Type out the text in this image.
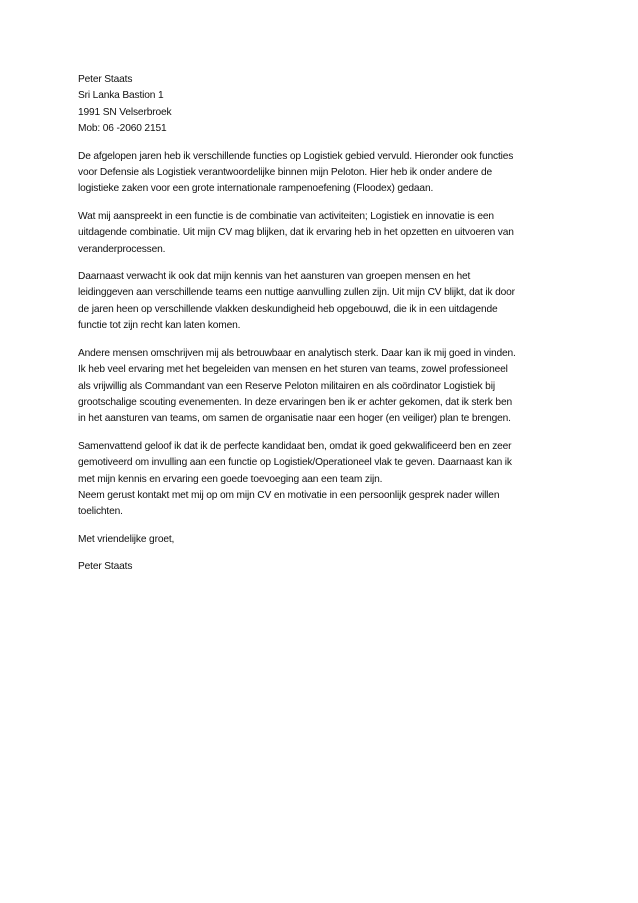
Peter Staats
Sri Lanka Bastion 1
1991 SN Velserbroek
Mob: 06 -2060 2151
De afgelopen jaren heb ik verschillende functies op Logistiek gebied vervuld. Hieronder ook functies
voor Defensie als Logistiek verantwoordelijke binnen mijn Peloton. Hier heb ik onder andere de
logistieke zaken voor een grote internationale rampenoefening (Floodex) gedaan.
Wat mij aanspreekt in een functie is de combinatie van activiteiten; Logistiek en innovatie is een
uitdagende combinatie. Uit mijn CV mag blijken, dat ik ervaring heb in het opzetten en uitvoeren van
veranderprocessen.
Daarnaast verwacht ik ook dat mijn kennis van het aansturen van groepen mensen en het
leidinggeven aan verschillende teams een nuttige aanvulling zullen zijn. Uit mijn CV blijkt, dat ik door
de jaren heen op verschillende vlakken deskundigheid heb opgebouwd, die ik in een uitdagende
functie tot zijn recht kan laten komen.
Andere mensen omschrijven mij als betrouwbaar en analytisch sterk. Daar kan ik mij goed in vinden.
Ik heb veel ervaring met het begeleiden van mensen en het sturen van teams, zowel professioneel
als vrijwillig als Commandant van een Reserve Peloton militairen en als coördinator Logistiek bij
grootschalige scouting evenementen. In deze ervaringen ben ik er achter gekomen, dat ik sterk ben
in het aansturen van teams, om samen de organisatie naar een hoger (en veiliger) plan te brengen.
Samenvattend geloof ik dat ik de perfecte kandidaat ben, omdat ik goed gekwalificeerd ben en zeer
gemotiveerd om invulling aan een functie op Logistiek/Operationeel vlak te geven. Daarnaast kan ik
met mijn kennis en ervaring een goede toevoeging aan een team zijn.
Neem gerust kontakt met mij op om mijn CV en motivatie in een persoonlijk gesprek nader willen
toelichten.

Met vriendelijke groet,

Peter Staats
